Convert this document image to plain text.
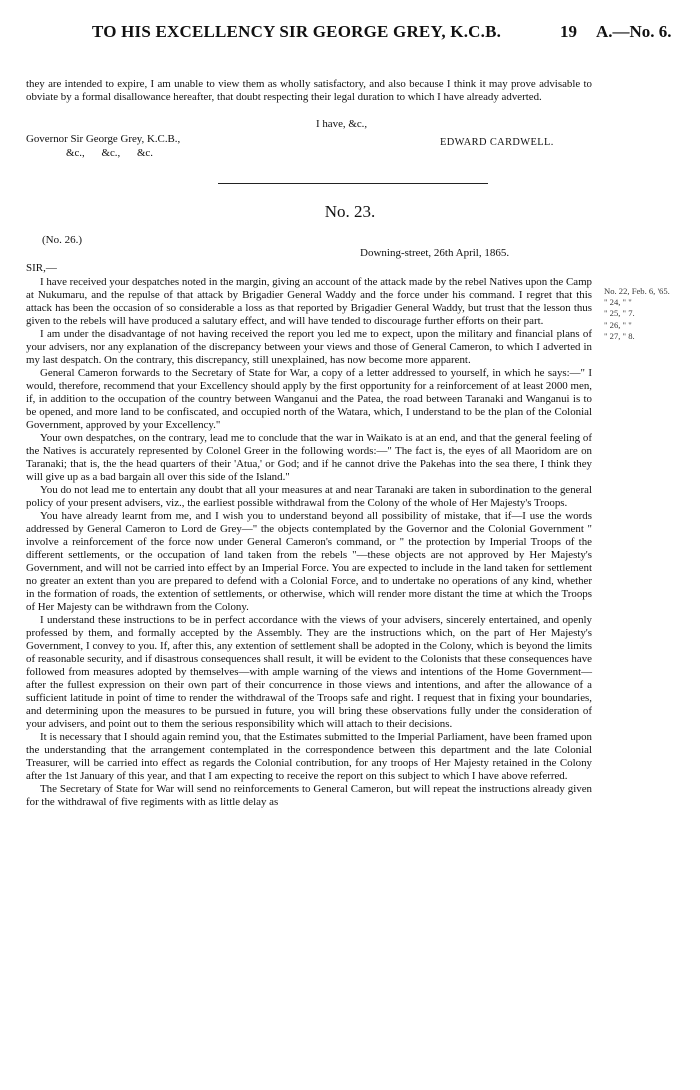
TO HIS EXCELLENCY SIR GEORGE GREY, K.C.B.	19 A.—No. 6.

they are intended to expire, I am unable to view them as wholly satisfactory, and also because I think it may prove advisable to obviate by a formal disallowance hereafter, that doubt respecting their legal duration to which I have already adverted.

I have, &c.,
Governor Sir George Grey, K.C.B.,
&c., &c., &c.
EDWARD CARDWELL.
No. 23.
(No. 26.)
Downing-street, 26th April, 1865.
SIR,—
No. 22, Feb. 6, '65.
" 24, " "
" 25, " 7.
" 26, " "
" 27, " 8.

I have received your despatches noted in the margin, giving an account of the attack made by the rebel Natives upon the Camp at Nukumaru, and the repulse of that attack by Brigadier General Waddy and the force under his command. I regret that this attack has been the occasion of so considerable a loss as that reported by Brigadier General Waddy, but trust that the lesson thus given to the rebels will have produced a salutary effect, and will have tended to discourage further efforts on their part.

I am under the disadvantage of not having received the report you led me to expect, upon the military and financial plans of your advisers, nor any explanation of the discrepancy between your views and those of General Cameron, to which I adverted in my last despatch. On the contrary, this discrepancy, still unexplained, has now become more apparent.

General Cameron forwards to the Secretary of State for War, a copy of a letter addressed to yourself, in which he says:—" I would, therefore, recommend that your Excellency should apply by the first opportunity for a reinforcement of at least 2000 men, if, in addition to the occupation of the country between Wanganui and the Patea, the road between Taranaki and Wanganui is to be opened, and more land to be confiscated, and occupied north of the Watara, which, I understand to be the plan of the Colonial Government, approved by your Excellency."

Your own despatches, on the contrary, lead me to conclude that the war in Waikato is at an end, and that the general feeling of the Natives is accurately represented by Colonel Greer in the following words:—" The fact is, the eyes of all Maoridom are on Taranaki; that is, the the head quarters of their 'Atua,' or God; and if he cannot drive the Pakehas into the sea there, I think they will give up as a bad bargain all over this side of the Island."

You do not lead me to entertain any doubt that all your measures at and near Taranaki are taken in subordination to the general policy of your present advisers, viz., the earliest possible withdrawal from the Colony of the whole of Her Majesty's Troops.

You have already learnt from me, and I wish you to understand beyond all possibility of mistake, that if—I use the words addressed by General Cameron to Lord de Grey—" the objects contemplated by the Governor and the Colonial Government " involve a reinforcement of the force now under General Cameron's command, or " the protection by Imperial Troops of the different settlements, or the occupation of land taken from the rebels "—these objects are not approved by Her Majesty's Government, and will not be carried into effect by an Imperial Force. You are expected to include in the land taken for settlement no greater an extent than you are prepared to defend with a Colonial Force, and to undertake no operations of any kind, whether in the formation of roads, the extention of settlements, or otherwise, which will render more distant the time at which the Troops of Her Majesty can be withdrawn from the Colony.

I understand these instructions to be in perfect accordance with the views of your advisers, sincerely entertained, and openly professed by them, and formally accepted by the Assembly. They are the instructions which, on the part of Her Majesty's Government, I convey to you. If, after this, any extention of settlement shall be adopted in the Colony, which is beyond the limits of reasonable security, and if disastrous consequences shall result, it will be evident to the Colonists that these consequences have followed from measures adopted by themselves—with ample warning of the views and intentions of the Home Government—after the fullest expression on their own part of their concurrence in those views and intentions, and after the allowance of a sufficient latitude in point of time to render the withdrawal of the Troops safe and right. I request that in fixing your boundaries, and determining upon the measures to be pursued in future, you will bring these observations fully under the consideration of your advisers, and point out to them the serious responsibility which will attach to their decisions.

It is necessary that I should again remind you, that the Estimates submitted to the Imperial Parliament, have been framed upon the understanding that the arrangement contemplated in the correspondence between this department and the late Colonial Treasurer, will be carried into effect as regards the Colonial contribution, for any troops of Her Majesty retained in the Colony after the 1st January of this year, and that I am expecting to receive the report on this subject to which I have above referred.

The Secretary of State for War will send no reinforcements to General Cameron, but will repeat the instructions already given for the withdrawal of five regiments with as little delay as
